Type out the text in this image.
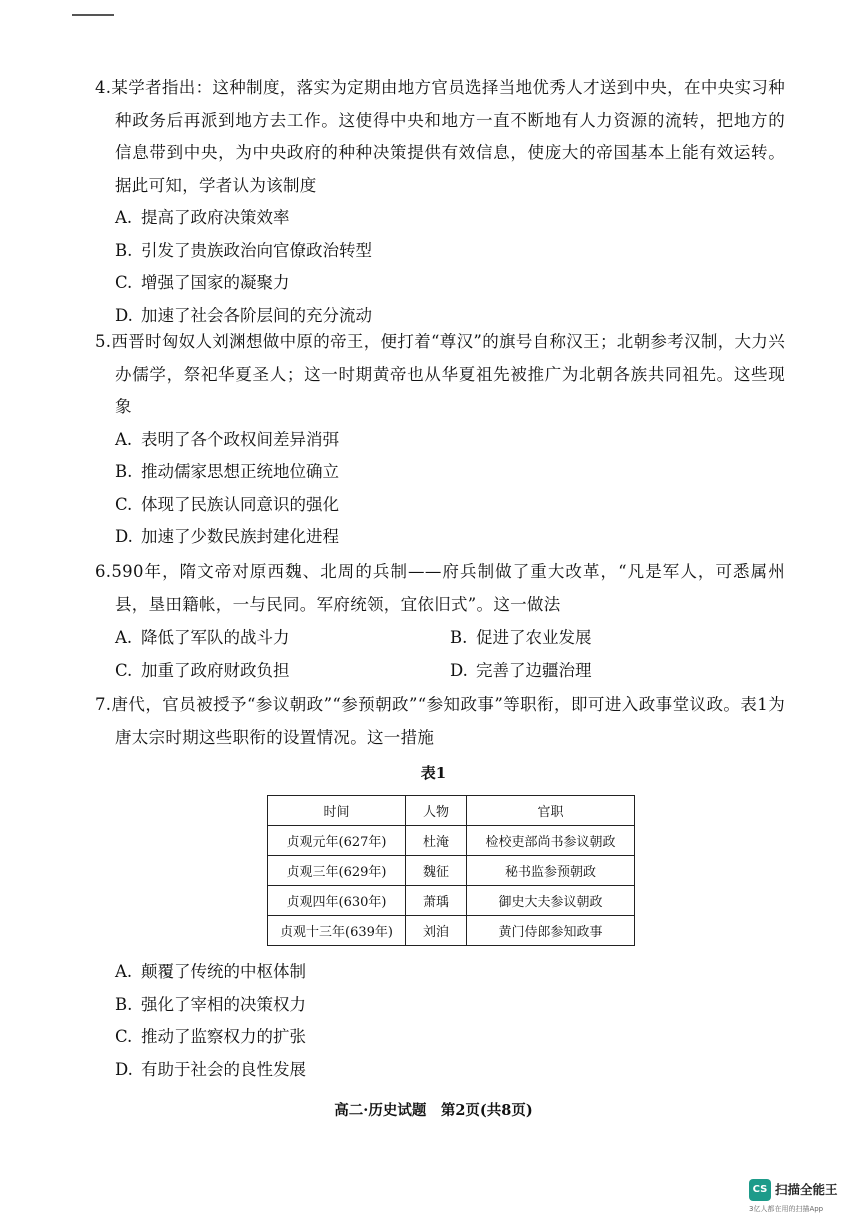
4.某学者指出：这种制度，落实为定期由地方官员选择当地优秀人才送到中央，在中央实习种种政务后再派到地方去工作。这使得中央和地方一直不断地有人力资源的流转，把地方的信息带到中央，为中央政府的种种决策提供有效信息，使庞大的帝国基本上能有效运转。据此可知，学者认为该制度
A. 提高了政府决策效率
B. 引发了贵族政治向官僚政治转型
C. 增强了国家的凝聚力
D. 加速了社会各阶层间的充分流动
5.西晋时匈奴人刘渊想做中原的帝王，便打着“尊汉”的旗号自称汉王；北朝参考汉制，大力兴办儒学，祭祀华夏圣人；这一时期黄帝也从华夏祖先被推广为北朝各族共同祖先。这些现象
A. 表明了各个政权间差异消弭
B. 推动儒家思想正统地位确立
C. 体现了民族认同意识的强化
D. 加速了少数民族封建化进程
6.590年，隋文帝对原西魏、北周的兵制——府兵制做了重大改革，“凡是军人，可悉属州县，垦田籍帐，一与民同。军府统领，宜依旧式”。这一做法
A. 降低了军队的战斗力	B. 促进了农业发展
C. 加重了政府财政负担	D. 完善了边疆治理
7.唐代，官员被授予“参议朝政”“参预朝政”“参知政事”等职衔，即可进入政事堂议政。表1为唐太宗时期这些职衔的设置情况。这一措施
表1
时间	人物	官职
贞观元年(627年)	杜淹	检校吏部尚书参议朝政
贞观三年(629年)	魏征	秘书监参预朝政
贞观四年(630年)	萧瑀	御史大夫参议朝政
贞观十三年(639年)	刘洎	黄门侍郎参知政事
A. 颠覆了传统的中枢体制
B. 强化了宰相的决策权力
C. 推动了监察权力的扩张
D. 有助于社会的良性发展
高二·历史试题　第2页(共8页)
CS 扫描全能王
3亿人都在用的扫描App
